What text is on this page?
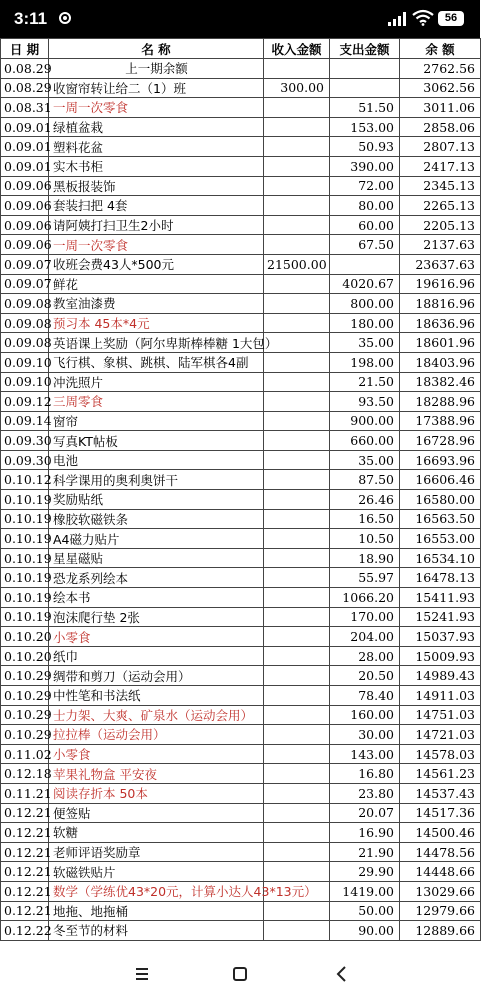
3:11	56
日 期	名 称	收入金额	支出金额	余 额
0.08.29	上一期余额			2762.56
0.08.29	收窗帘转让给二（1）班	300.00		3062.56
0.08.31	一周一次零食		51.50	3011.06
0.09.01	绿植盆栽		153.00	2858.06
0.09.01	塑料花盆		50.93	2807.13
0.09.01	实木书柜		390.00	2417.13
0.09.06	黑板报装饰		72.00	2345.13
0.09.06	套装扫把 4套		80.00	2265.13
0.09.06	请阿姨打扫卫生2小时		60.00	2205.13
0.09.06	一周一次零食		67.50	2137.63
0.09.07	收班会费43人*500元	21500.00		23637.63
0.09.07	鲜花		4020.67	19616.96
0.09.08	教室油漆费		800.00	18816.96
0.09.08	预习本 45本*4元		180.00	18636.96
0.09.08	英语课上奖励（阿尔卑斯棒棒糖 1大包）		35.00	18601.96
0.09.10	飞行棋、象棋、跳棋、陆军棋各4副		198.00	18403.96
0.09.10	冲洗照片		21.50	18382.46
0.09.12	三周零食		93.50	18288.96
0.09.14	窗帘		900.00	17388.96
0.09.30	写真KT帖板		660.00	16728.96
0.09.30	电池		35.00	16693.96
0.10.12	科学课用的奥利奥饼干		87.50	16606.46
0.10.19	奖励贴纸		26.46	16580.00
0.10.19	橡胶软磁铁条		16.50	16563.50
0.10.19	A4磁力贴片		10.50	16553.00
0.10.19	星星磁贴		18.90	16534.10
0.10.19	恐龙系列绘本		55.97	16478.13
0.10.19	绘本书		1066.20	15411.93
0.10.19	泡沫爬行垫 2张		170.00	15241.93
0.10.20	小零食		204.00	15037.93
0.10.20	纸巾		28.00	15009.93
0.10.29	绸带和剪刀（运动会用）		20.50	14989.43
0.10.29	中性笔和书法纸		78.40	14911.03
0.10.29	士力架、大爽、矿泉水（运动会用）		160.00	14751.03
0.10.29	拉拉棒（运动会用）		30.00	14721.03
0.11.02	小零食		143.00	14578.03
0.12.18	苹果礼物盒 平安夜		16.80	14561.23
0.11.21	阅读存折本 50本		23.80	14537.43
0.12.21	便签贴		20.07	14517.36
0.12.21	软糖		16.90	14500.46
0.12.21	老师评语奖励章		21.90	14478.56
0.12.21	软磁铁贴片		29.90	14448.66
0.12.21	数学（学练优43*20元，计算小达人43*13元）		1419.00	13029.66
0.12.21	地拖、地拖桶		50.00	12979.66
0.12.22	冬至节的材料		90.00	12889.66
